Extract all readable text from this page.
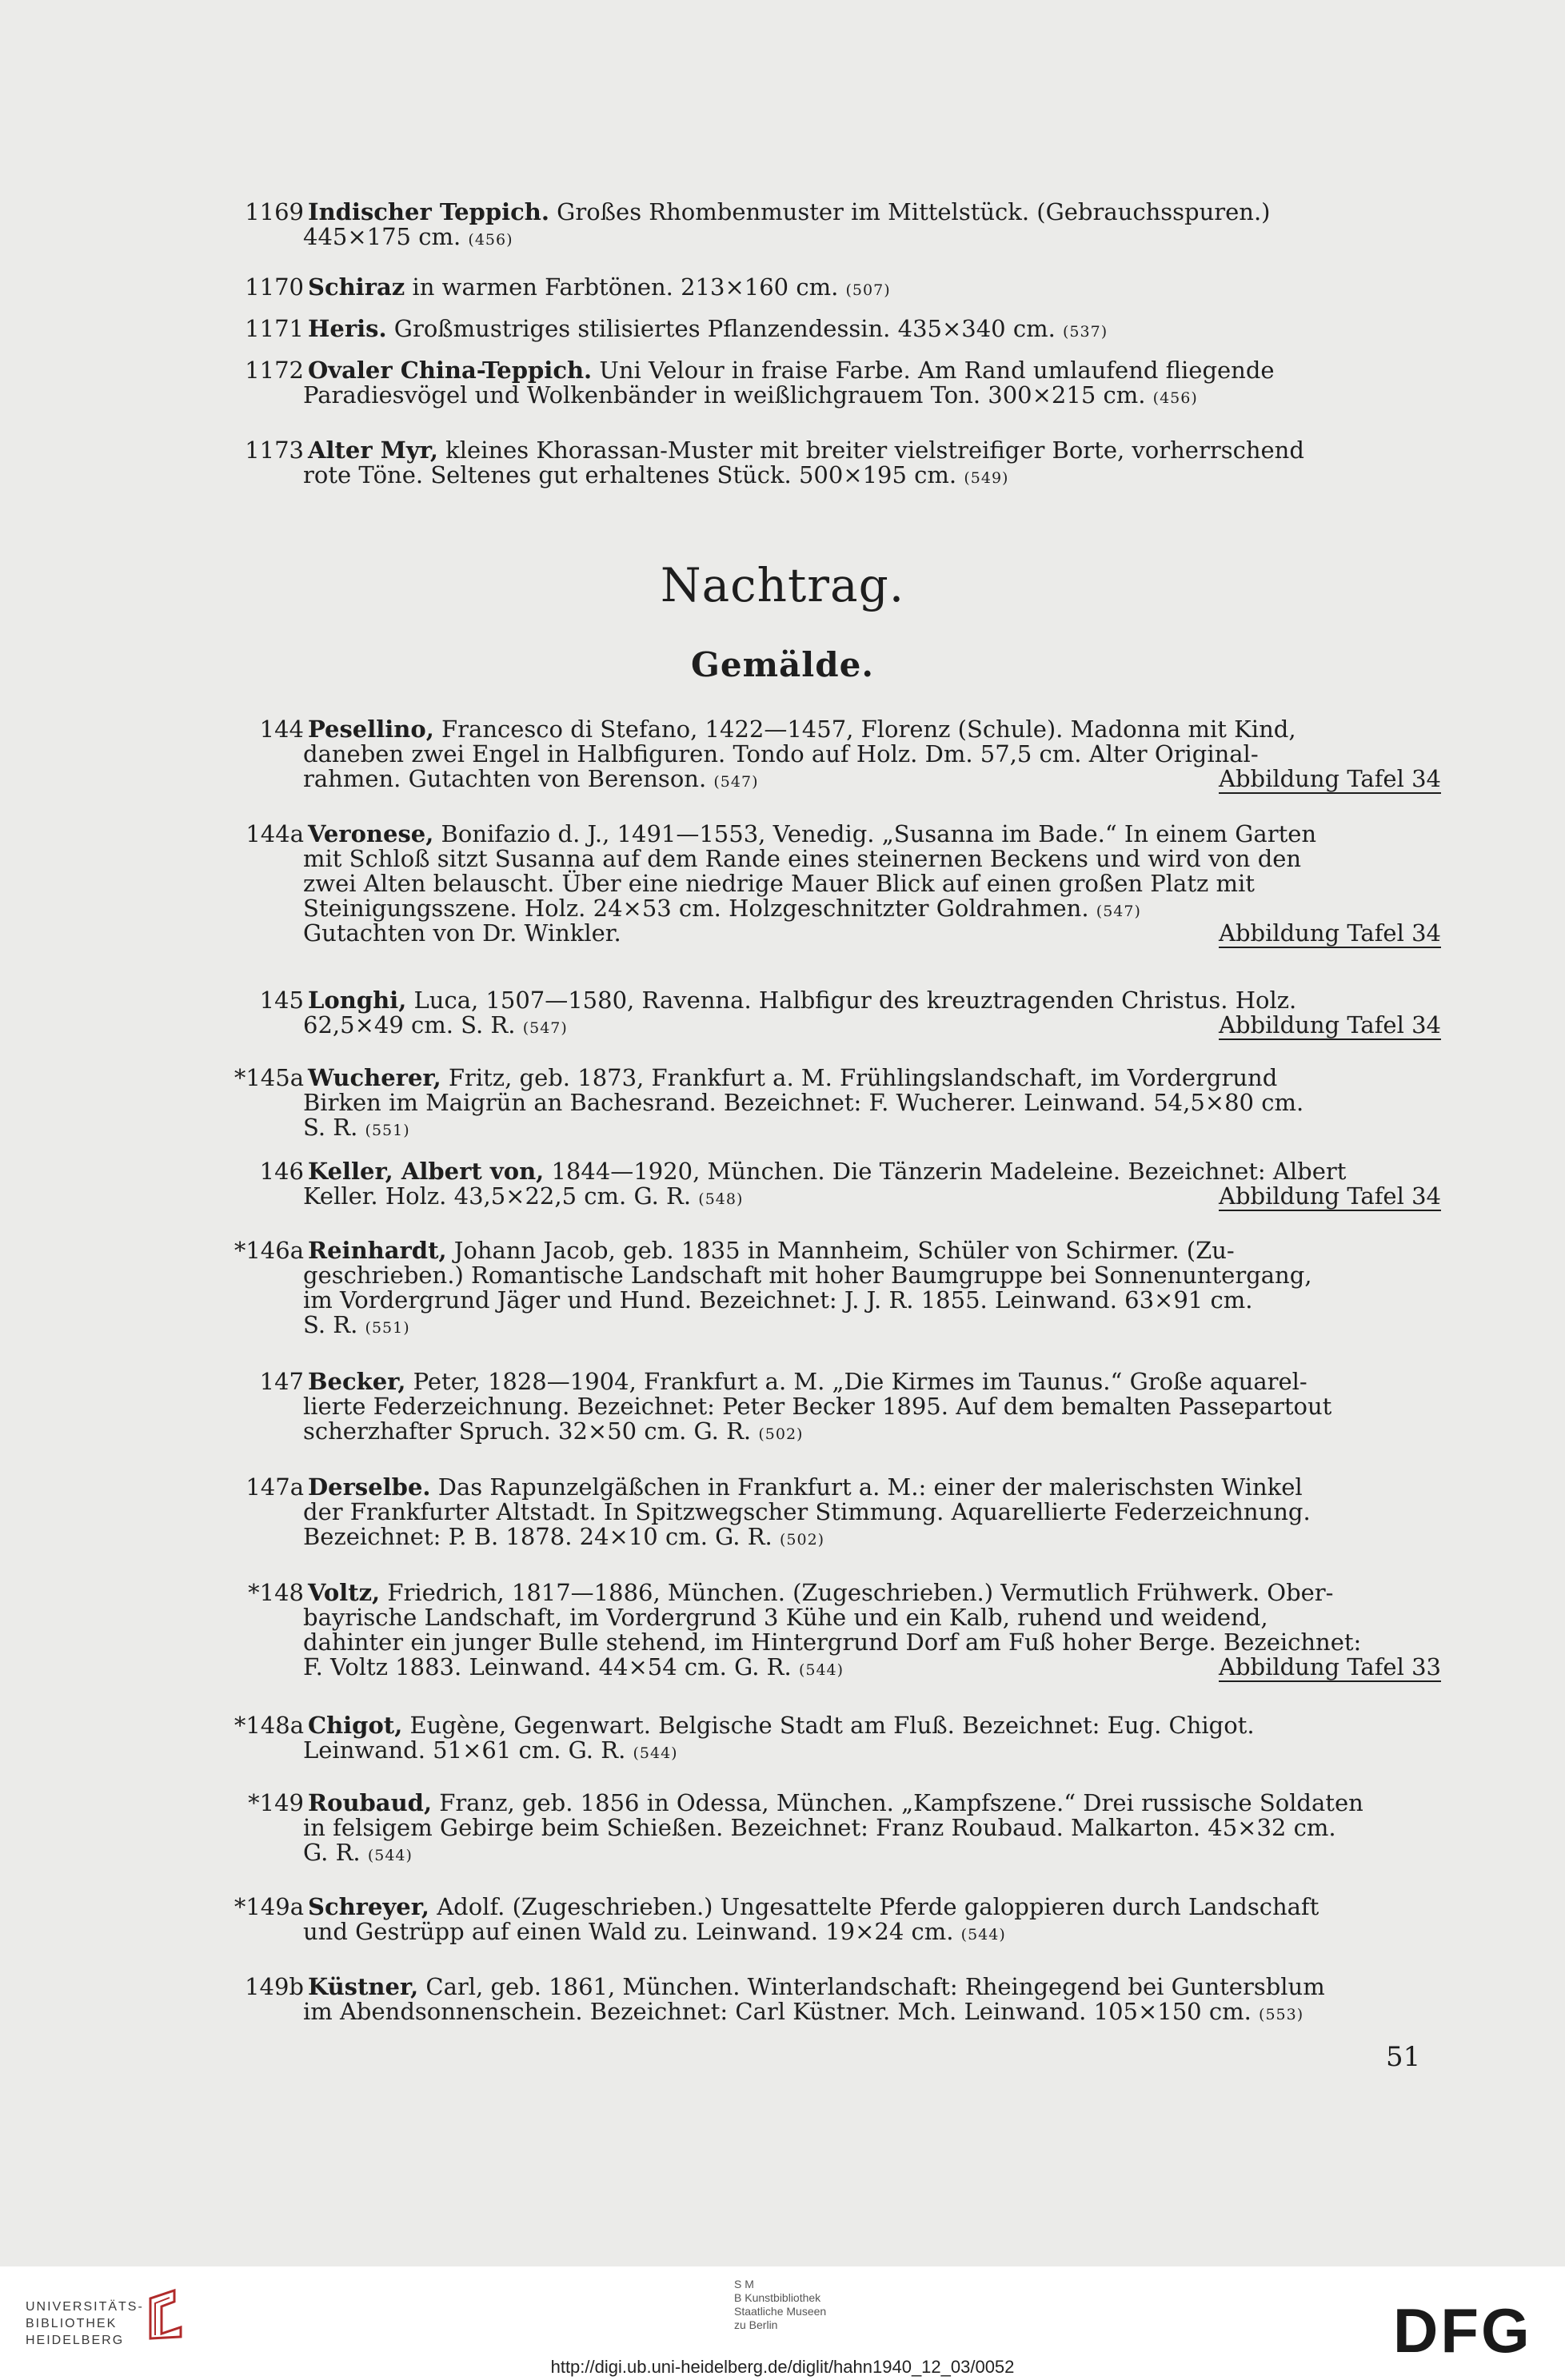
1169 Indischer Teppich. Großes Rhombenmuster im Mittelstück. (Gebrauchsspuren.)
445×175 cm. (456)
1170 Schiraz in warmen Farbtönen. 213×160 cm. (507)
1171 Heris. Großmustriges stilisiertes Pflanzendessin. 435×340 cm. (537)
1172 Ovaler China-Teppich. Uni Velour in fraise Farbe. Am Rand umlaufend fliegende
Paradiesvögel und Wolkenbänder in weißlichgrauem Ton. 300×215 cm. (456)
1173 Alter Myr, kleines Khorassan-Muster mit breiter vielstreifiger Borte, vorherrschend
rote Töne. Seltenes gut erhaltenes Stück. 500×195 cm. (549)
Nachtrag.
Gemälde.
144 Pesellino, Francesco di Stefano, 1422—1457, Florenz (Schule). Madonna mit Kind,
daneben zwei Engel in Halbfiguren. Tondo auf Holz. Dm. 57,5 cm. Alter Original-
rahmen. Gutachten von Berenson. (547)	Abbildung Tafel 34
144a Veronese, Bonifazio d. J., 1491—1553, Venedig. „Susanna im Bade.“ In einem Garten
mit Schloß sitzt Susanna auf dem Rande eines steinernen Beckens und wird von den
zwei Alten belauscht. Über eine niedrige Mauer Blick auf einen großen Platz mit
Steinigungsszene. Holz. 24×53 cm. Holzgeschnitzter Goldrahmen. (547)
Gutachten von Dr. Winkler.	Abbildung Tafel 34
145 Longhi, Luca, 1507—1580, Ravenna. Halbfigur des kreuztragenden Christus. Holz.
62,5×49 cm. S. R. (547)	Abbildung Tafel 34
*145a Wucherer, Fritz, geb. 1873, Frankfurt a. M. Frühlingslandschaft, im Vordergrund
Birken im Maigrün an Bachesrand. Bezeichnet: F. Wucherer. Leinwand. 54,5×80 cm.
S. R. (551)
146 Keller, Albert von, 1844—1920, München. Die Tänzerin Madeleine. Bezeichnet: Albert
Keller. Holz. 43,5×22,5 cm. G. R. (548)	Abbildung Tafel 34
*146a Reinhardt, Johann Jacob, geb. 1835 in Mannheim, Schüler von Schirmer. (Zu-
geschrieben.) Romantische Landschaft mit hoher Baumgruppe bei Sonnenuntergang,
im Vordergrund Jäger und Hund. Bezeichnet: J. J. R. 1855. Leinwand. 63×91 cm.
S. R. (551)
147 Becker, Peter, 1828—1904, Frankfurt a. M. „Die Kirmes im Taunus.“ Große aquarel-
lierte Federzeichnung. Bezeichnet: Peter Becker 1895. Auf dem bemalten Passepartout
scherzhafter Spruch. 32×50 cm. G. R. (502)
147a Derselbe. Das Rapunzelgäßchen in Frankfurt a. M.: einer der malerischsten Winkel
der Frankfurter Altstadt. In Spitzwegscher Stimmung. Aquarellierte Federzeichnung.
Bezeichnet: P. B. 1878. 24×10 cm. G. R. (502)
*148 Voltz, Friedrich, 1817—1886, München. (Zugeschrieben.) Vermutlich Frühwerk. Ober-
bayrische Landschaft, im Vordergrund 3 Kühe und ein Kalb, ruhend und weidend,
dahinter ein junger Bulle stehend, im Hintergrund Dorf am Fuß hoher Berge. Bezeichnet:
F. Voltz 1883. Leinwand. 44×54 cm. G. R. (544)	Abbildung Tafel 33
*148a Chigot, Eugène, Gegenwart. Belgische Stadt am Fluß. Bezeichnet: Eug. Chigot.
Leinwand. 51×61 cm. G. R. (544)
*149 Roubaud, Franz, geb. 1856 in Odessa, München. „Kampfszene.“ Drei russische Soldaten
in felsigem Gebirge beim Schießen. Bezeichnet: Franz Roubaud. Malkarton. 45×32 cm.
G. R. (544)
*149a Schreyer, Adolf. (Zugeschrieben.) Ungesattelte Pferde galoppieren durch Landschaft
und Gestrüpp auf einen Wald zu. Leinwand. 19×24 cm. (544)
149b Küstner, Carl, geb. 1861, München. Winterlandschaft: Rheingegend bei Guntersblum
im Abendsonnenschein. Bezeichnet: Carl Küstner. Mch. Leinwand. 105×150 cm. (553)
51
UNIVERSITÄTS-
BIBLIOTHEK
HEIDELBERG
S M
B Kunstbibliothek
Staatliche Museen
zu Berlin	DFG
http://digi.ub.uni-heidelberg.de/diglit/hahn1940_12_03/0052
